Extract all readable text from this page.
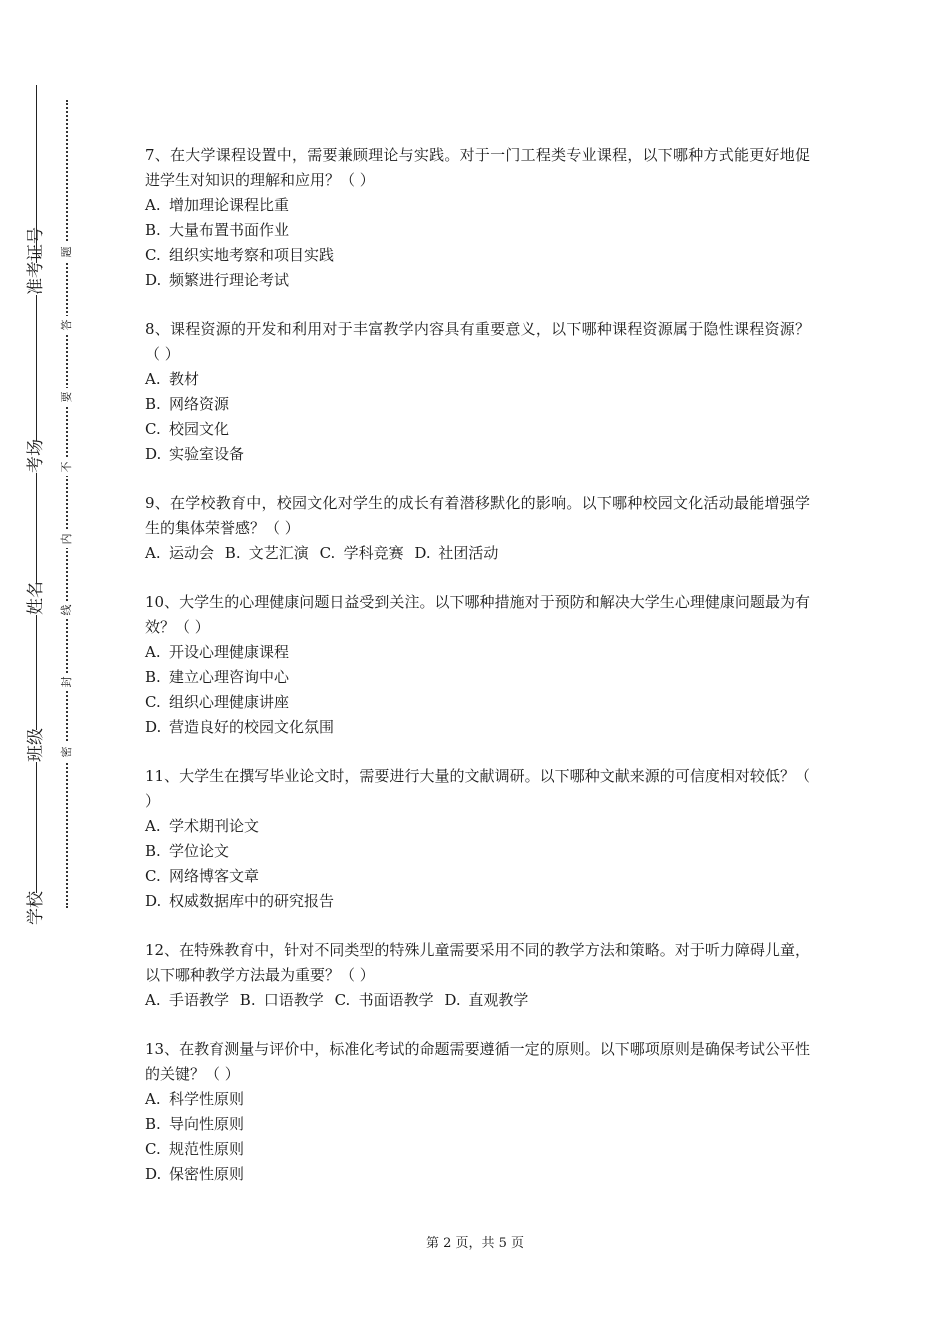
准考证号
考场
姓名
班级
学校
题
答
要
不
内
线
封
密
7、在大学课程设置中，需要兼顾理论与实践。对于一门工程类专业课程，以下哪种方式能更好地促进学生对知识的理解和应用？（ ）
A. 增加理论课程比重
B. 大量布置书面作业
C. 组织实地考察和项目实践
D. 频繁进行理论考试
8、课程资源的开发和利用对于丰富教学内容具有重要意义，以下哪种课程资源属于隐性课程资源？（ ）
A. 教材
B. 网络资源
C. 校园文化
D. 实验室设备
9、在学校教育中，校园文化对学生的成长有着潜移默化的影响。以下哪种校园文化活动最能增强学生的集体荣誉感？（ ）
A. 运动会 B. 文艺汇演 C. 学科竞赛 D. 社团活动
10、大学生的心理健康问题日益受到关注。以下哪种措施对于预防和解决大学生心理健康问题最为有效？（ ）
A. 开设心理健康课程
B. 建立心理咨询中心
C. 组织心理健康讲座
D. 营造良好的校园文化氛围
11、大学生在撰写毕业论文时，需要进行大量的文献调研。以下哪种文献来源的可信度相对较低？（ ）
A. 学术期刊论文
B. 学位论文
C. 网络博客文章
D. 权威数据库中的研究报告
12、在特殊教育中，针对不同类型的特殊儿童需要采用不同的教学方法和策略。对于听力障碍儿童，以下哪种教学方法最为重要？（ ）
A. 手语教学 B. 口语教学 C. 书面语教学 D. 直观教学
13、在教育测量与评价中，标准化考试的命题需要遵循一定的原则。以下哪项原则是确保考试公平性的关键？（ ）
A. 科学性原则
B. 导向性原则
C. 规范性原则
D. 保密性原则
第 2 页，共 5 页
